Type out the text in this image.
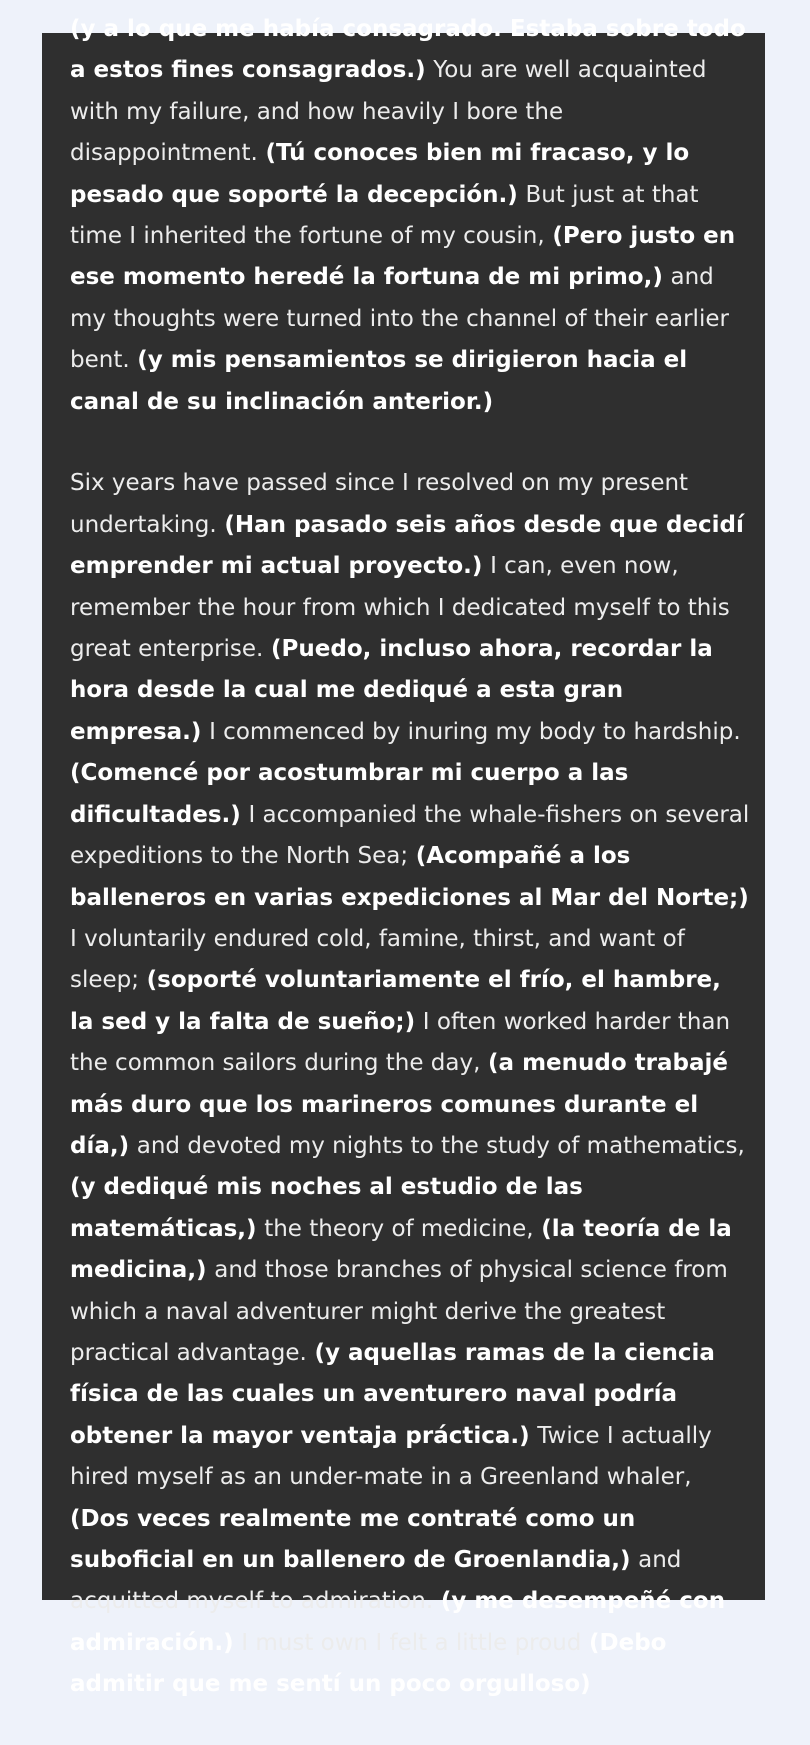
(y a lo que me había consagrado. Estaba sobre todo a estos fines consagrados.) You are well acquainted with my failure, and how heavily I bore the disappointment. (Tú conoces bien mi fracaso, y lo pesado que soporté la decepción.) But just at that time I inherited the fortune of my cousin, (Pero justo en ese momento heredé la fortuna de mi primo,) and my thoughts were turned into the channel of their earlier bent. (y mis pensamientos se dirigieron hacia el canal de su inclinación anterior.)

Six years have passed since I resolved on my present undertaking. (Han pasado seis años desde que decidí emprender mi actual proyecto.) I can, even now, remember the hour from which I dedicated myself to this great enterprise. (Puedo, incluso ahora, recordar la hora desde la cual me dediqué a esta gran empresa.) I commenced by inuring my body to hardship. (Comencé por acostumbrar mi cuerpo a las dificultades.) I accompanied the whale-fishers on several expeditions to the North Sea; (Acompañé a los balleneros en varias expediciones al Mar del Norte;) I voluntarily endured cold, famine, thirst, and want of sleep; (soporté voluntariamente el frío, el hambre, la sed y la falta de sueño;) I often worked harder than the common sailors during the day, (a menudo trabajé más duro que los marineros comunes durante el día,) and devoted my nights to the study of mathematics, (y dediqué mis noches al estudio de las matemáticas,) the theory of medicine, (la teoría de la medicina,) and those branches of physical science from which a naval adventurer might derive the greatest practical advantage. (y aquellas ramas de la ciencia física de las cuales un aventurero naval podría obtener la mayor ventaja práctica.) Twice I actually hired myself as an under-mate in a Greenland whaler, (Dos veces realmente me contraté como un suboficial en un ballenero de Groenlandia,) and acquitted myself to admiration. (y me desempeñé con admiración.) I must own I felt a little proud (Debo admitir que me sentí un poco orgulloso)
